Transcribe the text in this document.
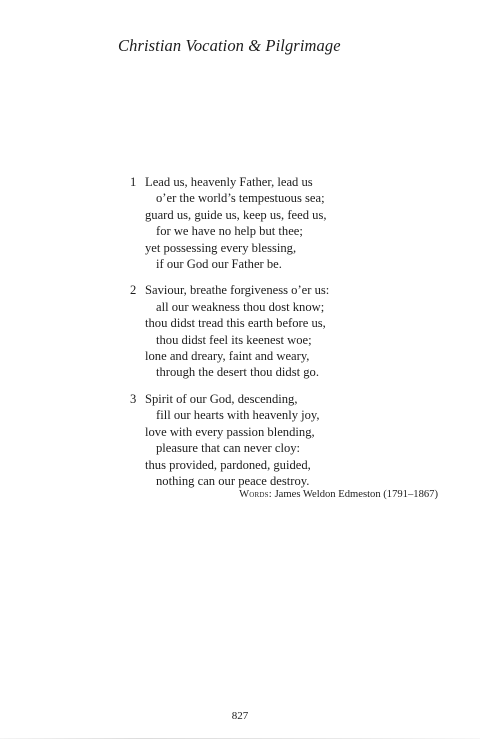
Christian Vocation & Pilgrimage
1 Lead us, heavenly Father, lead us
o’er the world’s tempestuous sea;
guard us, guide us, keep us, feed us,
for we have no help but thee;
yet possessing every blessing,
if our God our Father be.
2 Saviour, breathe forgiveness o’er us:
all our weakness thou dost know;
thou didst tread this earth before us,
thou didst feel its keenest woe;
lone and dreary, faint and weary,
through the desert thou didst go.
3 Spirit of our God, descending,
fill our hearts with heavenly joy,
love with every passion blending,
pleasure that can never cloy:
thus provided, pardoned, guided,
nothing can our peace destroy.
Words: James Weldon Edmeston (1791–1867)
827
